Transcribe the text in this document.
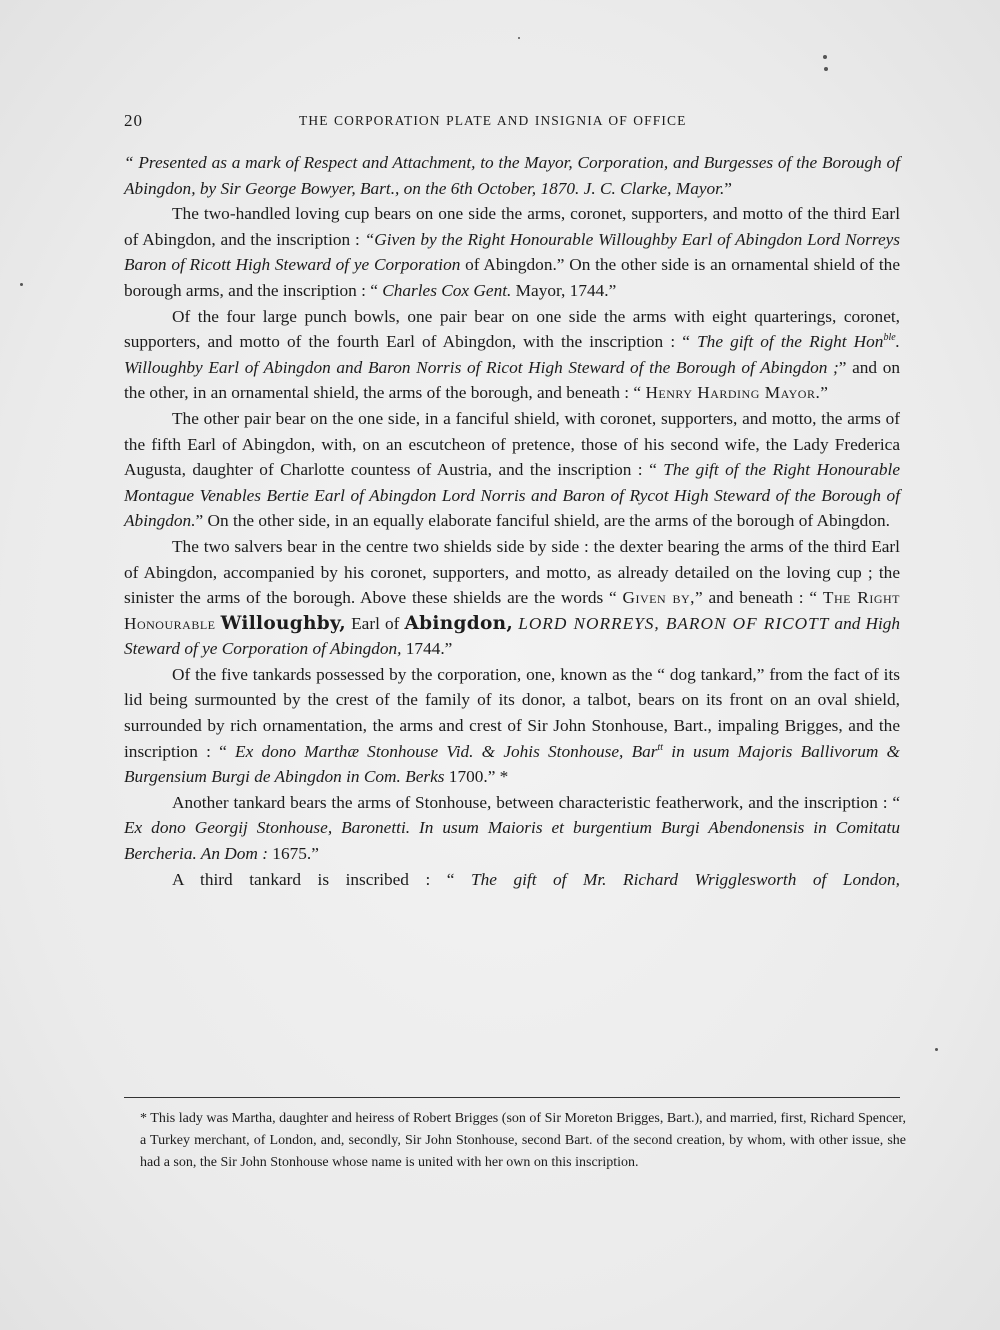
20	THE CORPORATION PLATE AND INSIGNIA OF OFFICE

“ Presented as a mark of Respect and Attachment, to the Mayor, Corporation, and Burgesses of the Borough of Abingdon, by Sir George Bowyer, Bart., on the 6th October, 1870. J. C. Clarke, Mayor.”

The two-handled loving cup bears on one side the arms, coronet, supporters, and motto of the third Earl of Abingdon, and the inscription : “Given by the Right Honourable Willoughby Earl of Abingdon Lord Norreys Baron of Ricott High Steward of ye Corporation of Abingdon.” On the other side is an ornamental shield of the borough arms, and the inscription : “ Charles Cox Gent. Mayor, 1744.”

Of the four large punch bowls, one pair bear on one side the arms with eight quarterings, coronet, supporters, and motto of the fourth Earl of Abingdon, with the inscription : “ The gift of the Right Hon$^{ble}$. Willoughby Earl of Abingdon and Baron Norris of Ricot High Steward of the Borough of Abingdon ;” and on the other, in an ornamental shield, the arms of the borough, and beneath : “ Henry Harding Mayor.”

The other pair bear on the one side, in a fanciful shield, with coronet, supporters, and motto, the arms of the fifth Earl of Abingdon, with, on an escutcheon of pretence, those of his second wife, the Lady Frederica Augusta, daughter of Charlotte countess of Austria, and the inscription : “ The gift of the Right Honourable Montague Venables Bertie Earl of Abingdon Lord Norris and Baron of Rycot High Steward of the Borough of Abingdon.” On the other side, in an equally elaborate fanciful shield, are the arms of the borough of Abingdon.

The two salvers bear in the centre two shields side by side : the dexter bearing the arms of the third Earl of Abingdon, accompanied by his coronet, supporters, and motto, as already detailed on the loving cup ; the sinister the arms of the borough. Above these shields are the words “ Given by,” and beneath : “ The Right Honourable Willoughby, Earl of Abingdon, LORD NORREYS, BARON OF RICOTT and High Steward of ye Corporation of Abingdon, 1744.”

Of the five tankards possessed by the corporation, one, known as the “ dog tankard,” from the fact of its lid being surmounted by the crest of the family of its donor, a talbot, bears on its front on an oval shield, surrounded by rich ornamentation, the arms and crest of Sir John Stonhouse, Bart., impaling Brigges, and the inscription : “ Ex dono Marthæ Stonhouse Vid. & Johis Stonhouse, Bar$^{tt}$ in usum Majoris Ballivorum & Burgensium Burgi de Abingdon in Com. Berks 1700.” *

Another tankard bears the arms of Stonhouse, between characteristic featherwork, and the inscription : “ Ex dono Georgij Stonhouse, Baronetti. In usum Maioris et burgentium Burgi Abendonensis in Comitatu Bercheria. An Dom : 1675.”

A third tankard is inscribed : “ The gift of Mr. Richard Wrigglesworth of London,

* This lady was Martha, daughter and heiress of Robert Brigges (son of Sir Moreton Brigges, Bart.), and married, first, Richard Spencer, a Turkey merchant, of London, and, secondly, Sir John Stonhouse, second Bart. of the second creation, by whom, with other issue, she had a son, the Sir John Stonhouse whose name is united with her own on this inscription.
